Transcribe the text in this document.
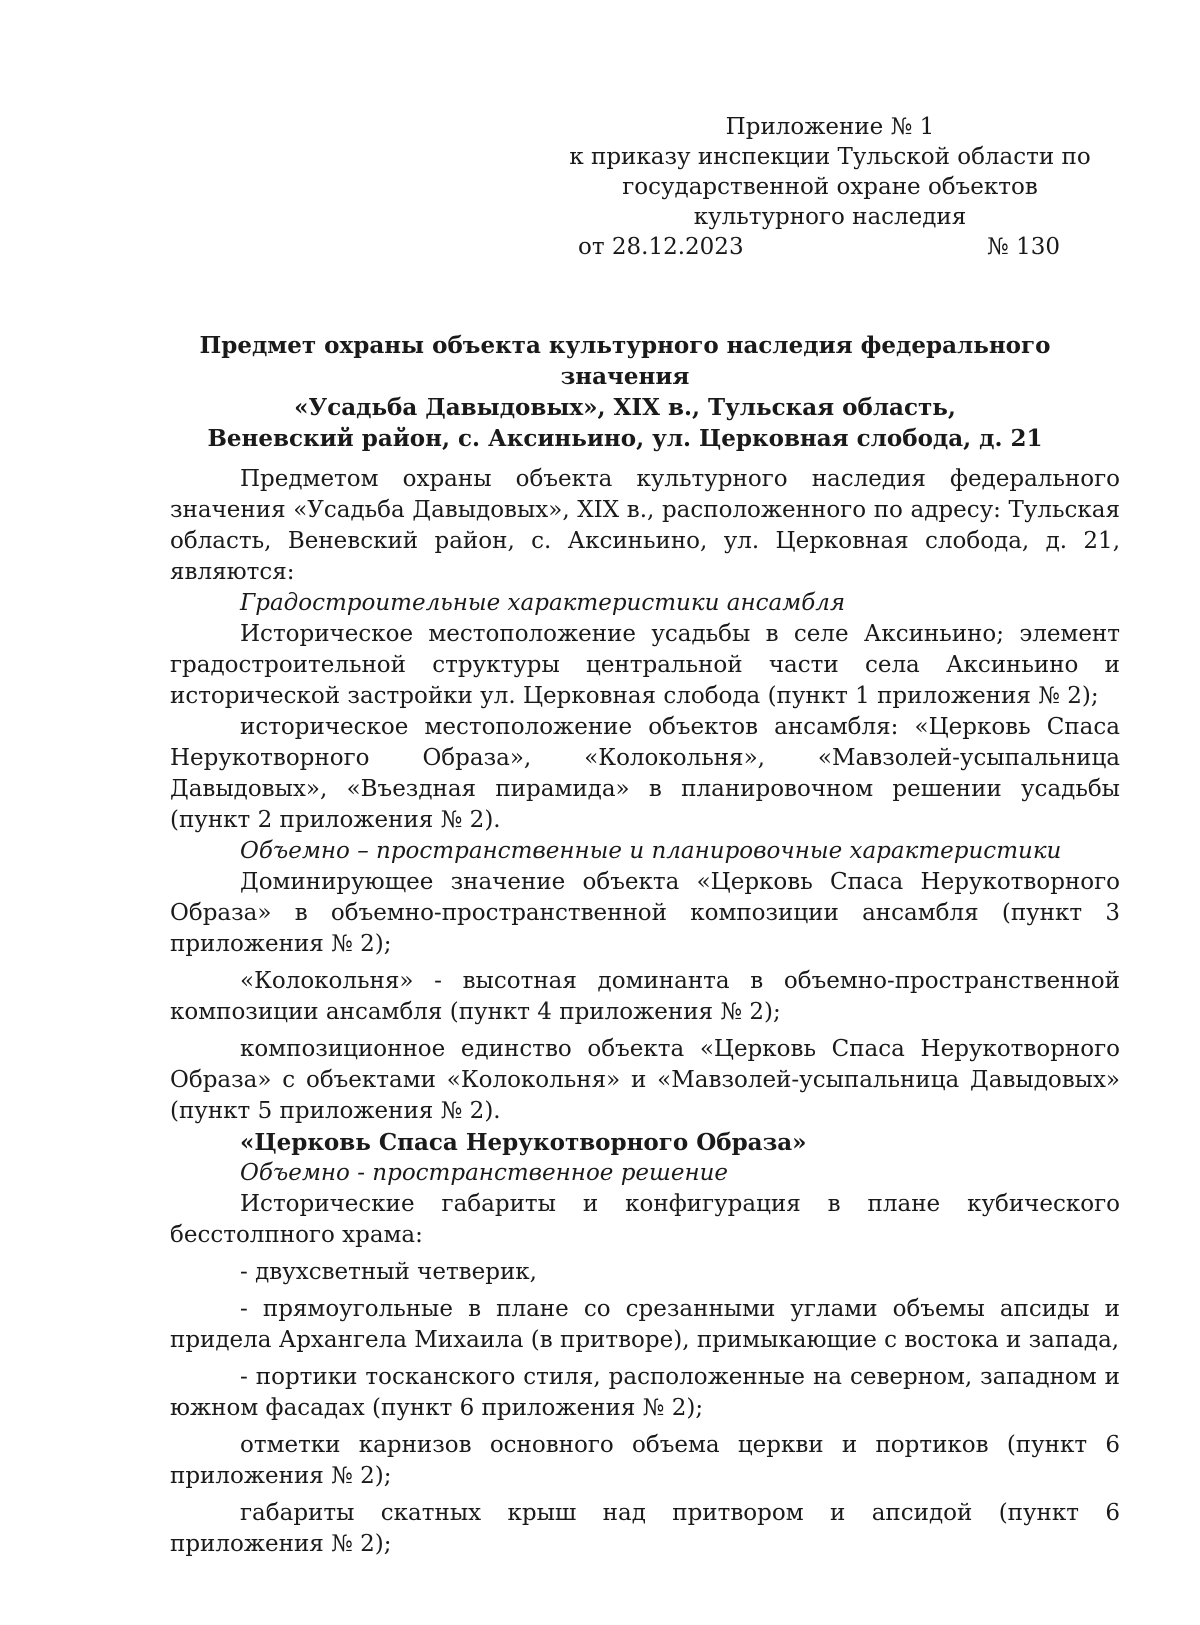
Приложение № 1
к приказу инспекции Тульской области по
государственной охране объектов
культурного наследия
от 28.12.2023	№ 130
Предмет охраны объекта культурного наследия федерального значения
«Усадьба Давыдовых», XIX в., Тульская область,
Веневский район, с. Аксиньино, ул. Церковная слобода, д. 21

Предметом охраны объекта культурного наследия федерального значения «Усадьба Давыдовых», XIX в., расположенного по адресу: Тульская область, Веневский район, с. Аксиньино, ул. Церковная слобода, д. 21, являются:

Градостроительные характеристики ансамбля

Историческое местоположение усадьбы в селе Аксиньино; элемент градостроительной структуры центральной части села Аксиньино и исторической застройки ул. Церковная слобода (пункт 1 приложения № 2);

историческое местоположение объектов ансамбля: «Церковь Спаса Нерукотворного Образа», «Колокольня», «Мавзолей-усыпальница Давыдовых», «Въездная пирамида» в планировочном решении усадьбы (пункт 2 приложения № 2).

Объемно – пространственные и планировочные характеристики

Доминирующее значение объекта «Церковь Спаса Нерукотворного Образа» в объемно-пространственной композиции ансамбля (пункт 3 приложения № 2);

«Колокольня» - высотная доминанта в объемно-пространственной композиции ансамбля (пункт 4 приложения № 2);

композиционное единство объекта «Церковь Спаса Нерукотворного Образа» с объектами «Колокольня» и «Мавзолей-усыпальница Давыдовых» (пункт 5 приложения № 2).

«Церковь Спаса Нерукотворного Образа»

Объемно - пространственное решение

Исторические габариты и конфигурация в плане кубического бесстолпного храма:

- двухсветный четверик,

- прямоугольные в плане со срезанными углами объемы апсиды и придела Архангела Михаила (в притворе), примыкающие с востока и запада,

- портики тосканского стиля, расположенные на северном, западном и южном фасадах (пункт 6 приложения № 2);

отметки карнизов основного объема церкви и портиков (пункт 6 приложения № 2);

габариты скатных крыш над притвором и апсидой (пункт 6 приложения № 2);
